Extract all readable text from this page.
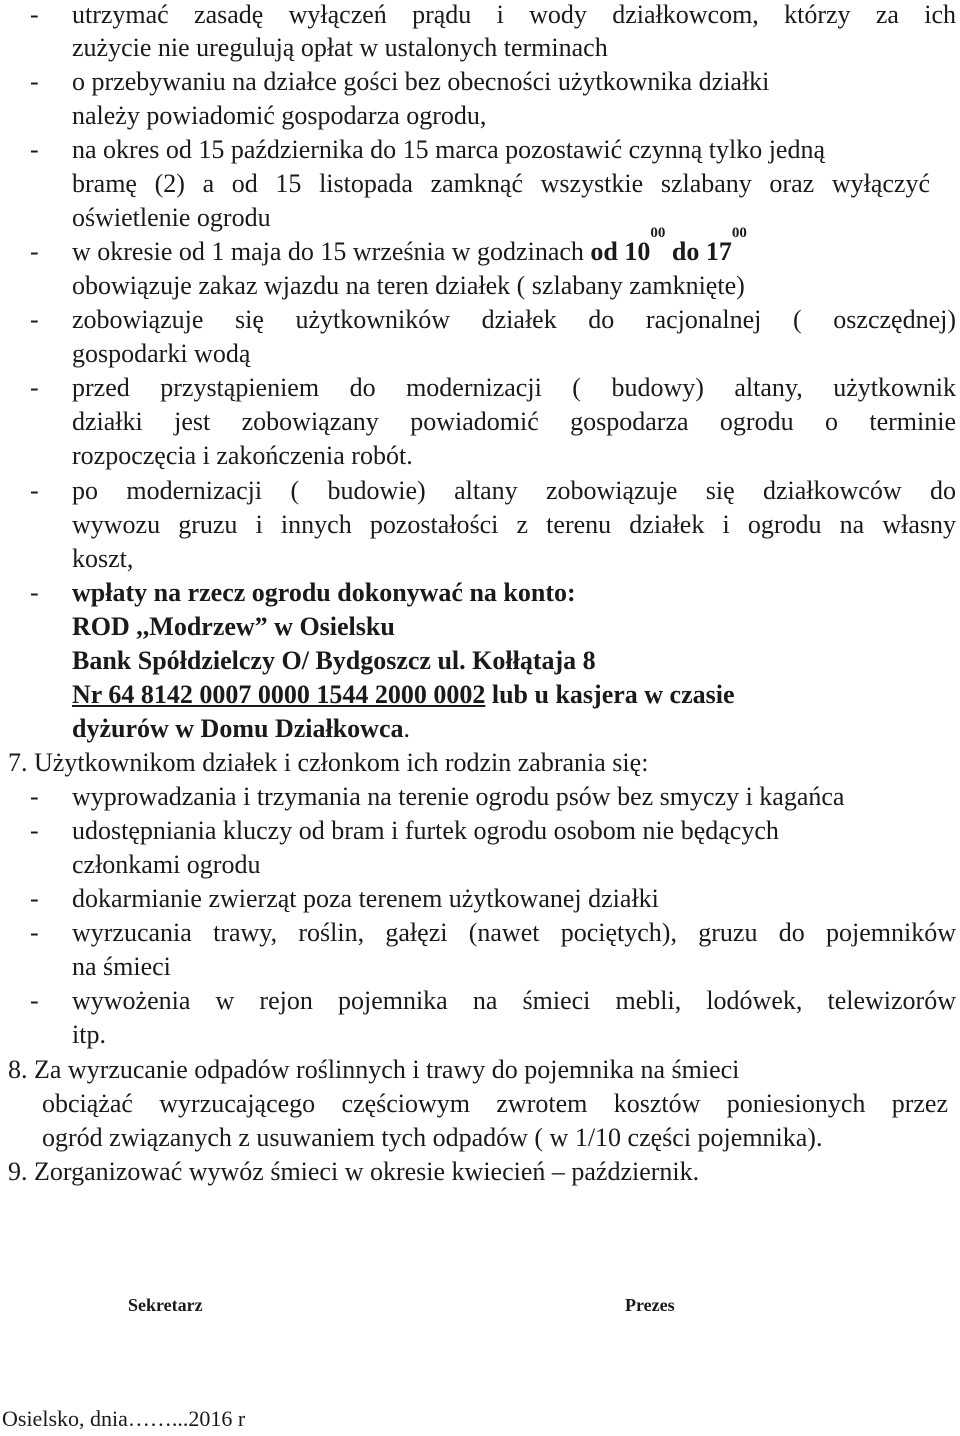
- utrzymać zasadę wyłączeń prądu i wody działkowcom, którzy za ich
zużycie nie uregulują opłat w ustalonych terminach
- o przebywaniu na działce gości bez obecności użytkownika działki
należy powiadomić gospodarza ogrodu,
- na okres od 15 października do 15 marca pozostawić czynną tylko jedną
bramę (2) a od 15 listopada zamknąć wszystkie szlabany oraz wyłączyć
oświetlenie ogrodu
- w okresie od 1 maja do 15 września w godzinach od $10^{00}$ do $17^{00}$
obowiązuje zakaz wjazdu na teren działek ( szlabany zamknięte)
- zobowiązuje się użytkowników działek do racjonalnej ( oszczędnej)
gospodarki wodą
- przed przystąpieniem do modernizacji ( budowy) altany, użytkownik
działki jest zobowiązany powiadomić gospodarza ogrodu o terminie
rozpoczęcia i zakończenia robót.
- po modernizacji ( budowie) altany zobowiązuje się działkowców do
wywozu gruzu i innych pozostałości z terenu działek i ogrodu na własny
koszt,
- wpłaty na rzecz ogrodu dokonywać na konto:
ROD ,,Modrzew” w Osielsku
Bank Spółdzielczy O/ Bydgoszcz ul. Kołłątaja 8
Nr 64 8142 0007 0000 1544 2000 0002 lub u kasjera w czasie
dyżurów w Domu Działkowca.
7. Użytkownikom działek i członkom ich rodzin zabrania się:
- wyprowadzania i trzymania na terenie ogrodu psów bez smyczy i kagańca
- udostępniania kluczy od bram i furtek ogrodu osobom nie będących
członkami ogrodu
- dokarmianie zwierząt poza terenem użytkowanej działki
- wyrzucania trawy, roślin, gałęzi (nawet pociętych), gruzu do pojemników
na śmieci
- wywożenia w rejon pojemnika na śmieci mebli, lodówek, telewizorów
itp.
8. Za wyrzucanie odpadów roślinnych i trawy do pojemnika na śmieci
obciążać wyrzucającego częściowym zwrotem kosztów poniesionych przez
ogród związanych z usuwaniem tych odpadów ( w 1/10 części pojemnika).
9. Zorganizować wywóz śmieci w okresie kwiecień – październik.
Sekretarz	Prezes
Osielsko, dnia……...2016 r
